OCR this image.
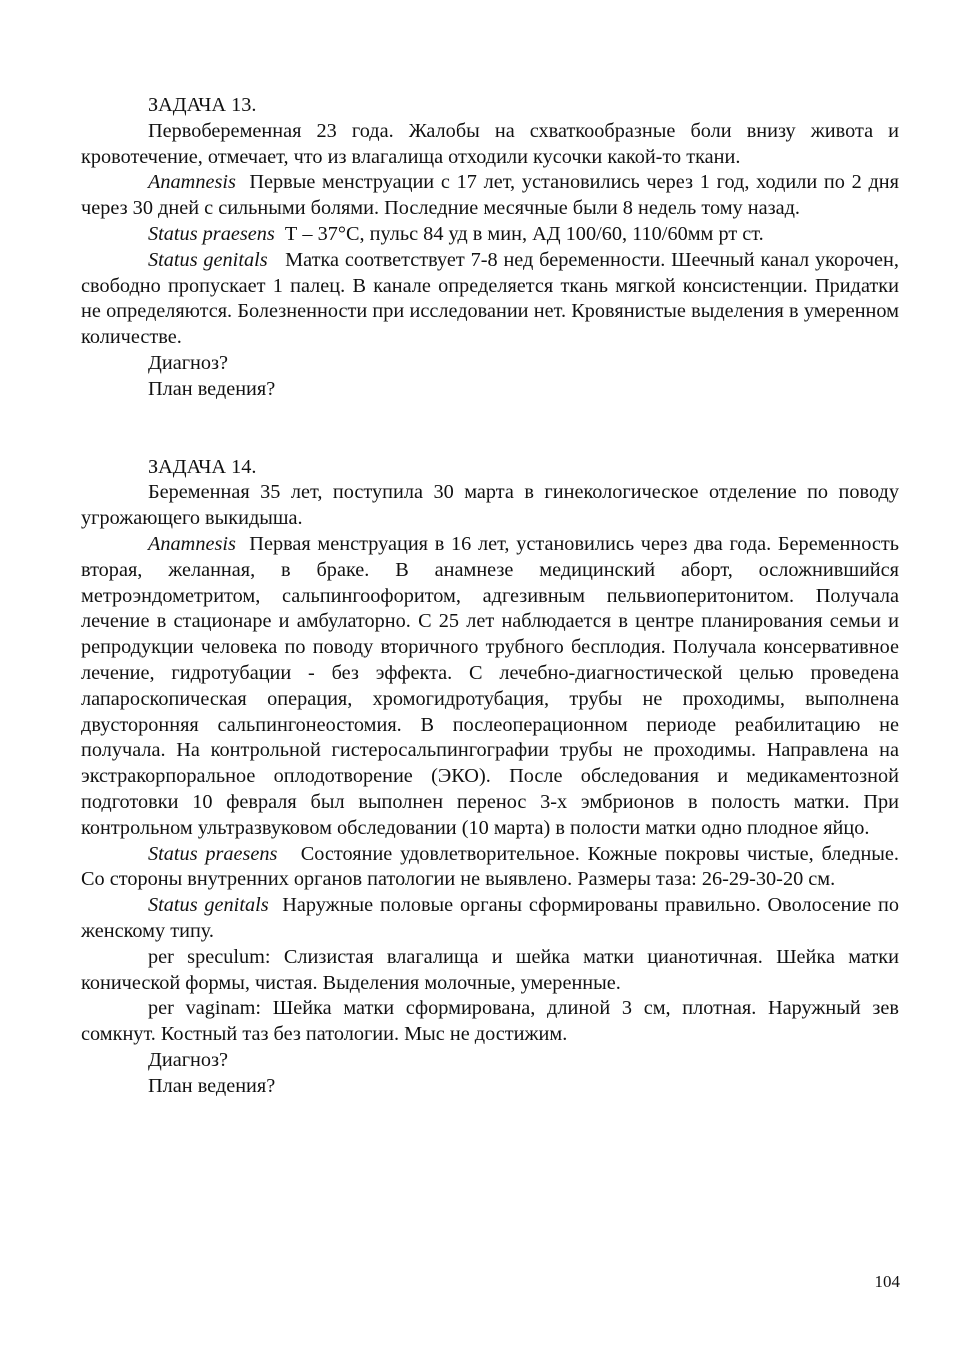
ЗАДАЧА 13.

Первобеременная 23 года. Жалобы на схваткообразные боли внизу живота и кровотечение, отмечает, что из влагалища отходили кусочки какой-то ткани.

Anamnesis Первые менструации с 17 лет, установились через 1 год, ходили по 2 дня через 30 дней с сильными болями. Последние месячные были 8 недель тому назад.

Status praesens Т – 37°С, пульс 84 уд в мин, АД 100/60, 110/60мм рт ст.

Status genitals Матка соответствует 7-8 нед беременности. Шеечный канал укорочен, свободно пропускает 1 палец. В канале определяется ткань мягкой консистенции. Придатки не определяются. Болезненности при исследовании нет. Кровянистые выделения в умеренном количестве.

Диагноз?

План ведения?

ЗАДАЧА 14.

Беременная 35 лет, поступила 30 марта в гинекологическое отделение по поводу угрожающего выкидыша.

Anamnesis Первая менструация в 16 лет, установились через два года. Беременность вторая, желанная, в браке. В анамнезе медицинский аборт, осложнившийся метроэндометритом, сальпингоофоритом, адгезивным пельвиоперитонитом. Получала лечение в стационаре и амбулаторно. С 25 лет наблюдается в центре планирования семьи и репродукции человека по поводу вторичного трубного бесплодия. Получала консервативное лечение, гидротубации - без эффекта. С лечебно-диагностической целью проведена лапароскопическая операция, хромогидротубация, трубы не проходимы, выполнена двусторонняя сальпингонеостомия. В послеоперационном периоде реабилитацию не получала. На контрольной гистеросальпингографии трубы не проходимы. Направлена на экстракорпоральное оплодотворение (ЭКО). После обследования и медикаментозной подготовки 10 февраля был выполнен перенос 3-х эмбрионов в полость матки. При контрольном ультразвуковом обследовании (10 марта) в полости матки одно плодное яйцо.

Status praesens Состояние удовлетворительное. Кожные покровы чистые, бледные. Со стороны внутренних органов патологии не выявлено. Размеры таза: 26-29-30-20 см.

Status genitals Наружные половые органы сформированы правильно. Оволосение по женскому типу.

per speculum: Слизистая влагалища и шейка матки цианотичная. Шейка матки конической формы, чистая. Выделения молочные, умеренные.

per vaginam: Шейка матки сформирована, длиной 3 см, плотная. Наружный зев сомкнут. Костный таз без патологии. Мыс не достижим.

Диагноз?

План ведения?

104
